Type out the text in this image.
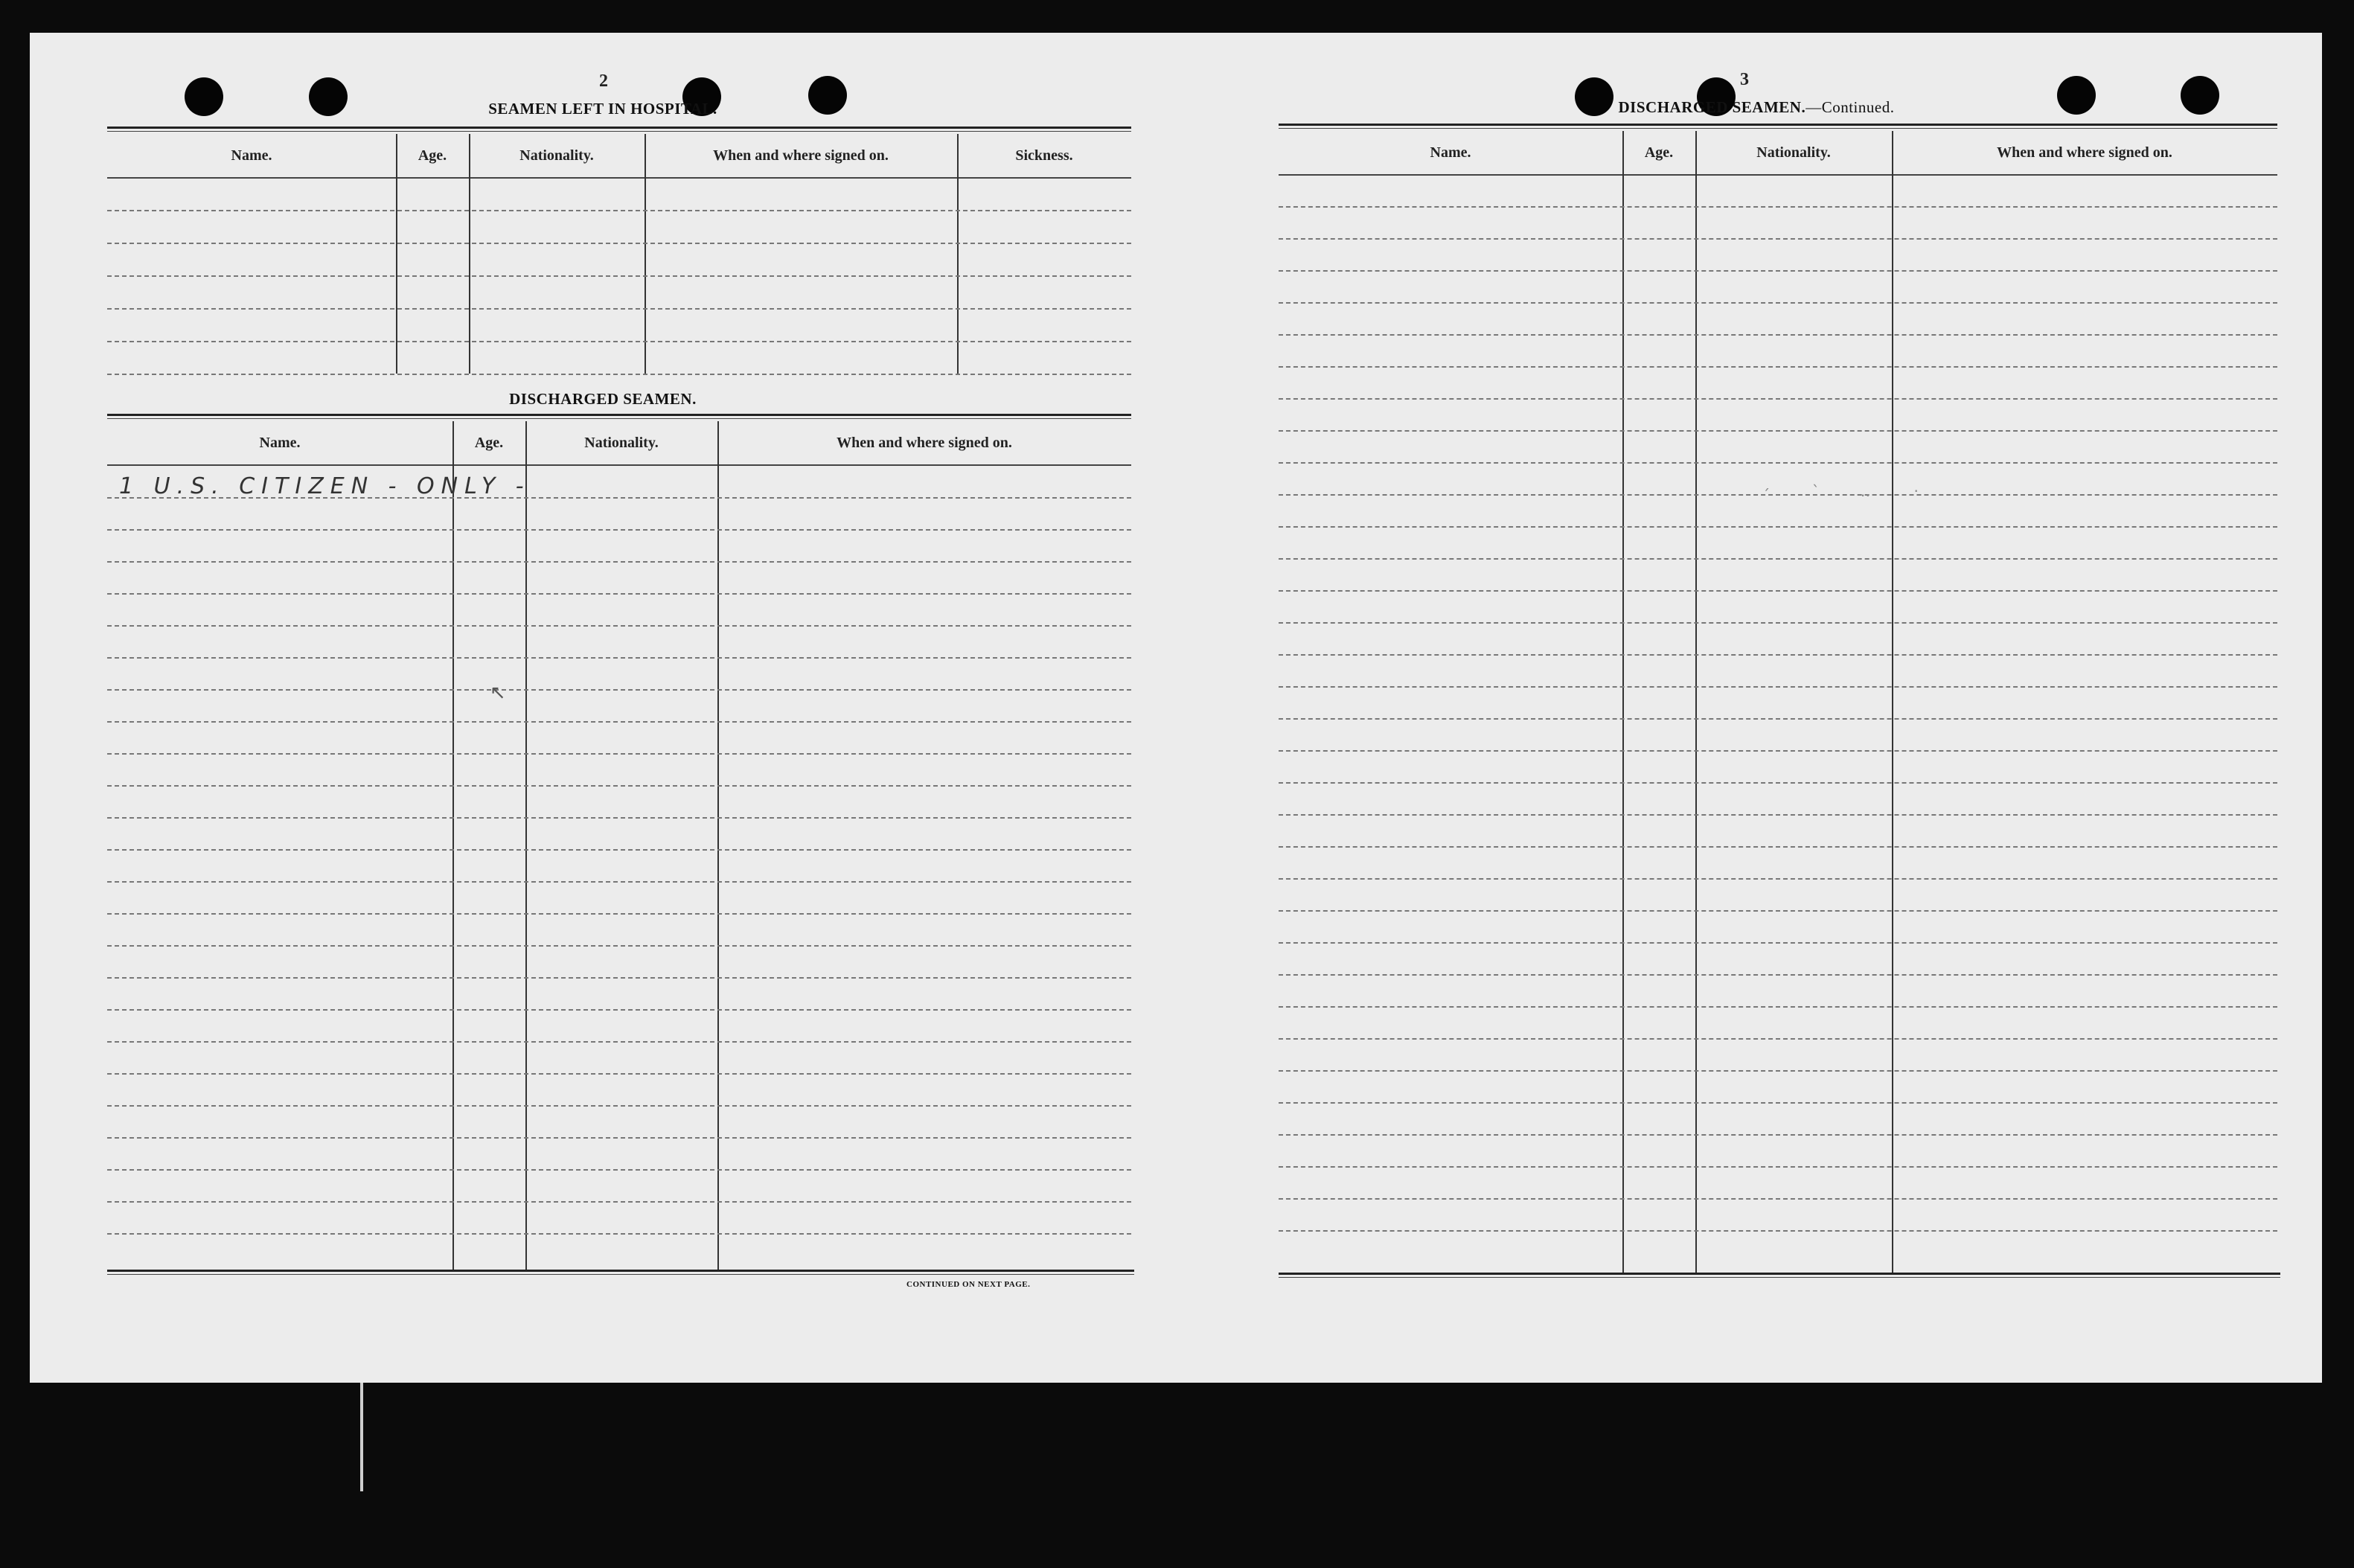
2
SEAMEN LEFT IN HOSPITAL.
Name.	Age.	Nationality.	When and where signed on.	Sickness.
DISCHARGED SEAMEN.
Name.	Age.	Nationality.	When and where signed on.
1 U.S. CITIZEN - ONLY -
↖
CONTINUED ON NEXT PAGE.
3
DISCHARGED SEAMEN.—Continued.
Name.	Age.	Nationality.	When and where signed on.
׳ ՝ ‥ ·
